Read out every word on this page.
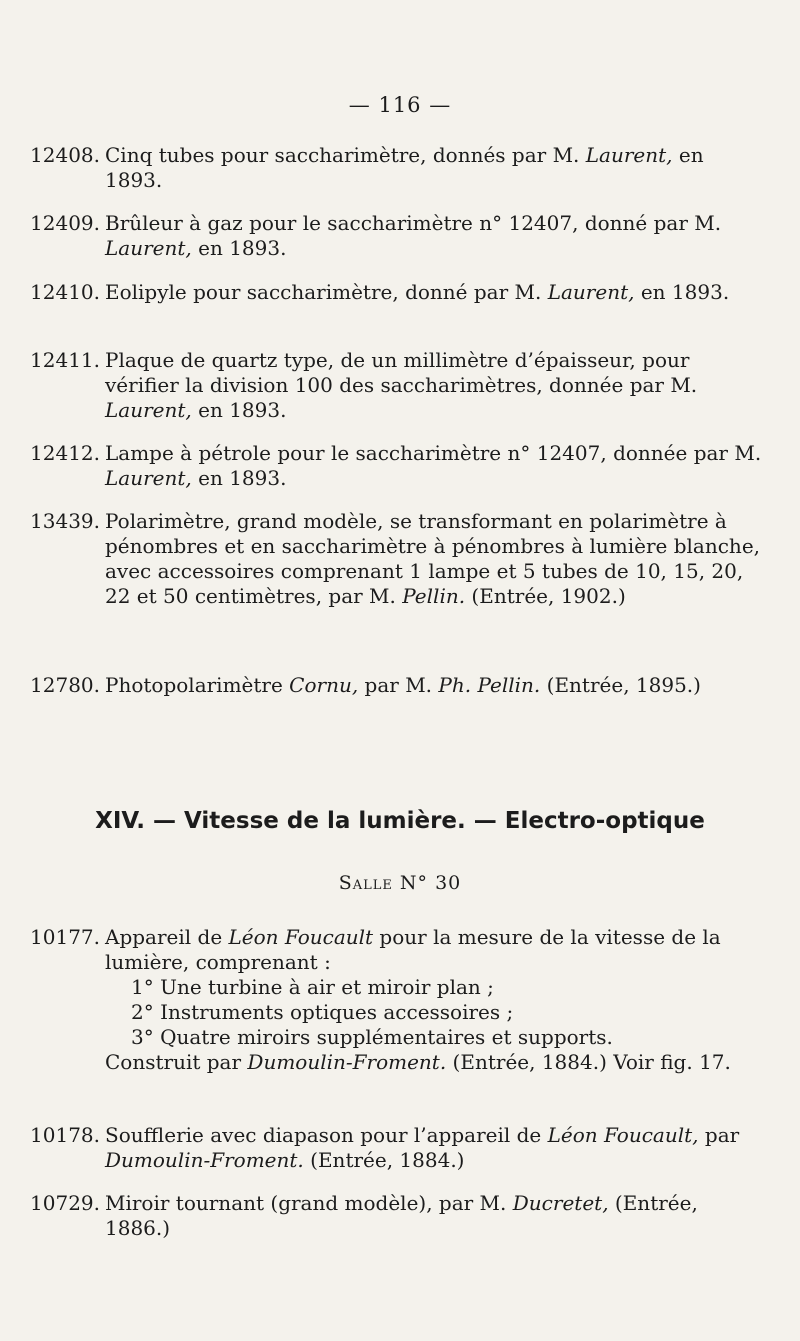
— 116 —
12408. Cinq tubes pour saccharimètre, donnés par M. Laurent, en 1893.

12409. Brûleur à gaz pour le saccharimètre n° 12407, donné par M. Laurent, en 1893.

12410. Eolipyle pour saccharimètre, donné par M. Laurent, en 1893.

12411. Plaque de quartz type, de un millimètre d’épaisseur, pour vérifier la division 100 des saccharimètres, donnée par M. Laurent, en 1893.

12412. Lampe à pétrole pour le saccharimètre n° 12407, donnée par M. Laurent, en 1893.

13439. Polarimètre, grand modèle, se transformant en polarimètre à pénombres et en saccharimètre à pénombres à lumière blanche, avec accessoires comprenant 1 lampe et 5 tubes de 10, 15, 20, 22 et 50 centimètres, par M. Pellin. (Entrée, 1902.)

12780. Photopolarimètre Cornu, par M. Ph. Pellin. (Entrée, 1895.)

XIV. — Vitesse de la lumière. — Electro-optique
Salle N° 30
10177. Appareil de Léon Foucault pour la mesure de la vitesse de la lumière, comprenant :

1° Une turbine à air et miroir plan ;

2° Instruments optiques accessoires ;

3° Quatre miroirs supplémentaires et supports.

Construit par Dumoulin-Froment. (Entrée, 1884.) Voir fig. 17.

10178. Soufflerie avec diapason pour l’appareil de Léon Foucault, par Dumoulin-Froment. (Entrée, 1884.)

10729. Miroir tournant (grand modèle), par M. Ducretet, (Entrée, 1886.)
